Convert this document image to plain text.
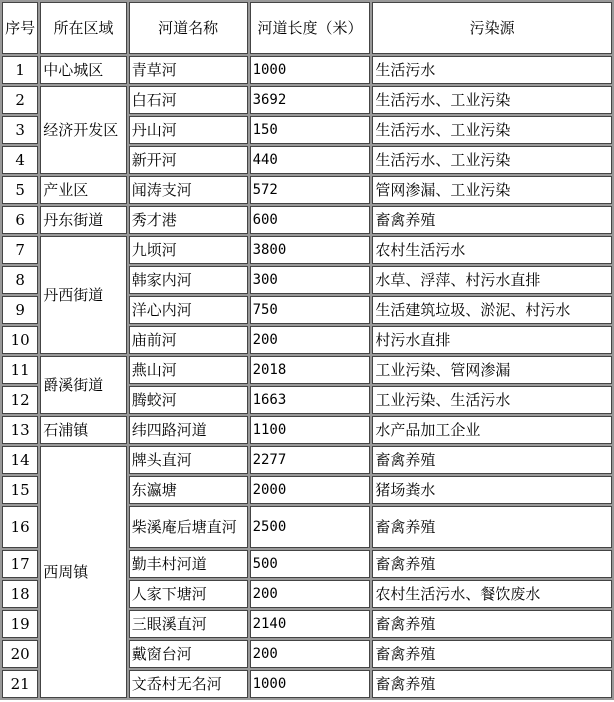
序号	所在区域	河道名称	河道长度（米）	污染源
1	中心城区	青草河	1000	生活污水
2	经济开发区	白石河	3692	生活污水、工业污染
3		丹山河	150	生活污水、工业污染
4		新开河	440	生活污水、工业污染
5	产业区	闻涛支河	572	管网渗漏、工业污染
6	丹东街道	秀才港	600	畜禽养殖
7	丹西街道	九顷河	3800	农村生活污水
8		韩家内河	300	水草、浮萍、村污水直排
9		洋心内河	750	生活建筑垃圾、淤泥、村污水
10		庙前河	200	村污水直排
11	爵溪街道	燕山河	2018	工业污染、管网渗漏
12		腾蛟河	1663	工业污染、生活污水
13	石浦镇	纬四路河道	1100	水产品加工企业
14	西周镇	牌头直河	2277	畜禽养殖
15		东瀛塘	2000	猪场粪水
16		柴溪庵后塘直河	2500	畜禽养殖
17		勤丰村河道	500	畜禽养殖
18		人家下塘河	200	农村生活污水、餐饮废水
19		三眼溪直河	2140	畜禽养殖
20		戴窗台河	200	畜禽养殖
21		文岙村无名河	1000	畜禽养殖
